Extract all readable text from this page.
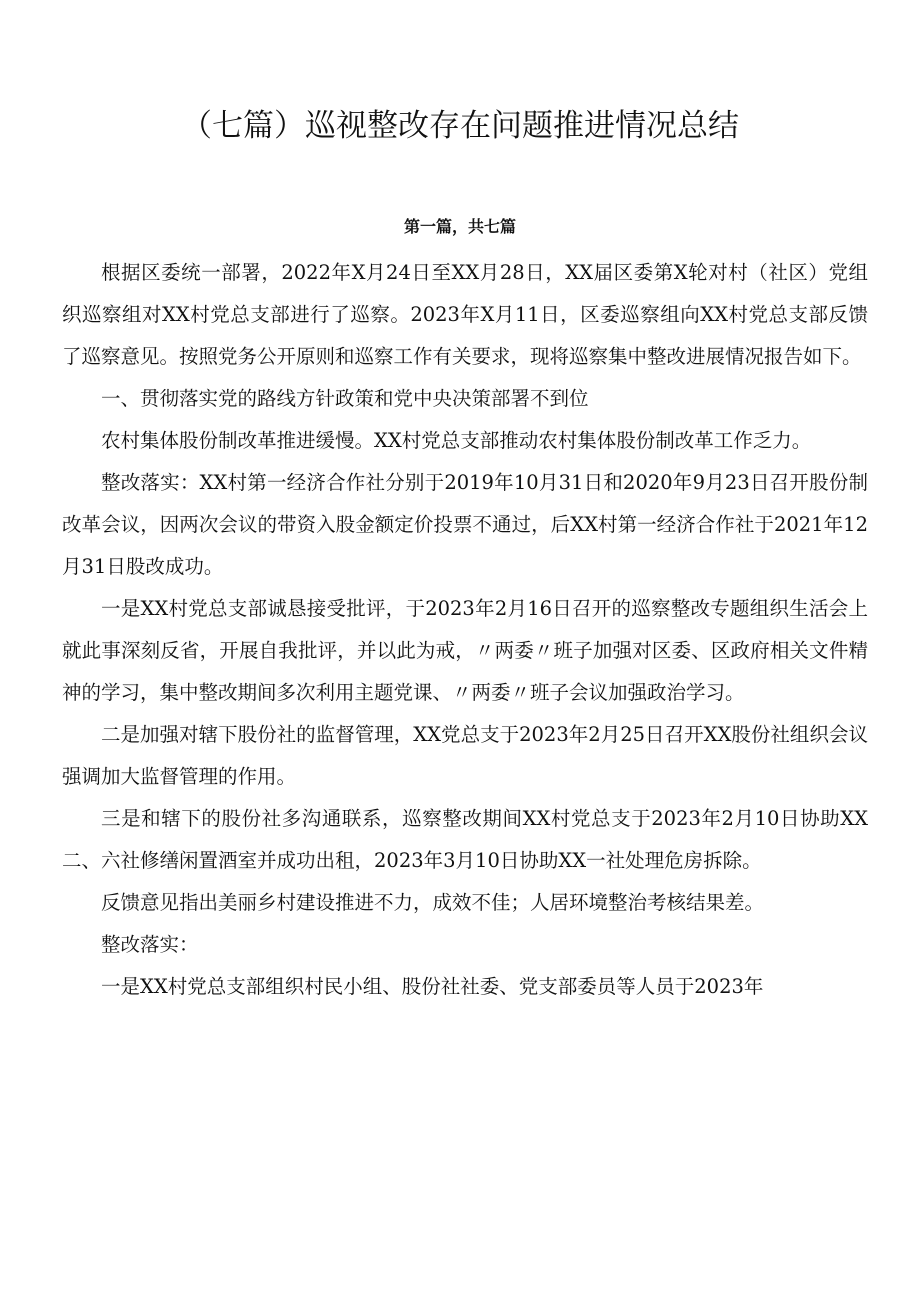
（七篇）巡视整改存在问题推进情况总结
第一篇，共七篇

根据区委统一部署，2022年X月24日至XX月28日，XX届区委第X轮对村（社区）党组织巡察组对XX村党总支部进行了巡察。2023年X月11日，区委巡察组向XX村党总支部反馈了巡察意见。按照党务公开原则和巡察工作有关要求，现将巡察集中整改进展情况报告如下。

一、贯彻落实党的路线方针政策和党中央决策部署不到位

农村集体股份制改革推进缓慢。XX村党总支部推动农村集体股份制改革工作乏力。

整改落实：XX村第一经济合作社分别于2019年10月31日和2020年9月23日召开股份制改革会议，因两次会议的带资入股金额定价投票不通过，后XX村第一经济合作社于2021年12月31日股改成功。

一是XX村党总支部诚恳接受批评，于2023年2月16日召开的巡察整改专题组织生活会上就此事深刻反省，开展自我批评，并以此为戒，〃两委〃班子加强对区委、区政府相关文件精神的学习，集中整改期间多次利用主题党课、〃两委〃班子会议加强政治学习。

二是加强对辖下股份社的监督管理，XX党总支于2023年2月25日召开XX股份社组织会议强调加大监督管理的作用。

三是和辖下的股份社多沟通联系，巡察整改期间XX村党总支于2023年2月10日协助XX二、六社修缮闲置酒室并成功出租，2023年3月10日协助XX一社处理危房拆除。

反馈意见指出美丽乡村建设推进不力，成效不佳；人居环境整治考核结果差。

整改落实：

一是XX村党总支部组织村民小组、股份社社委、党支部委员等人员于2023年
